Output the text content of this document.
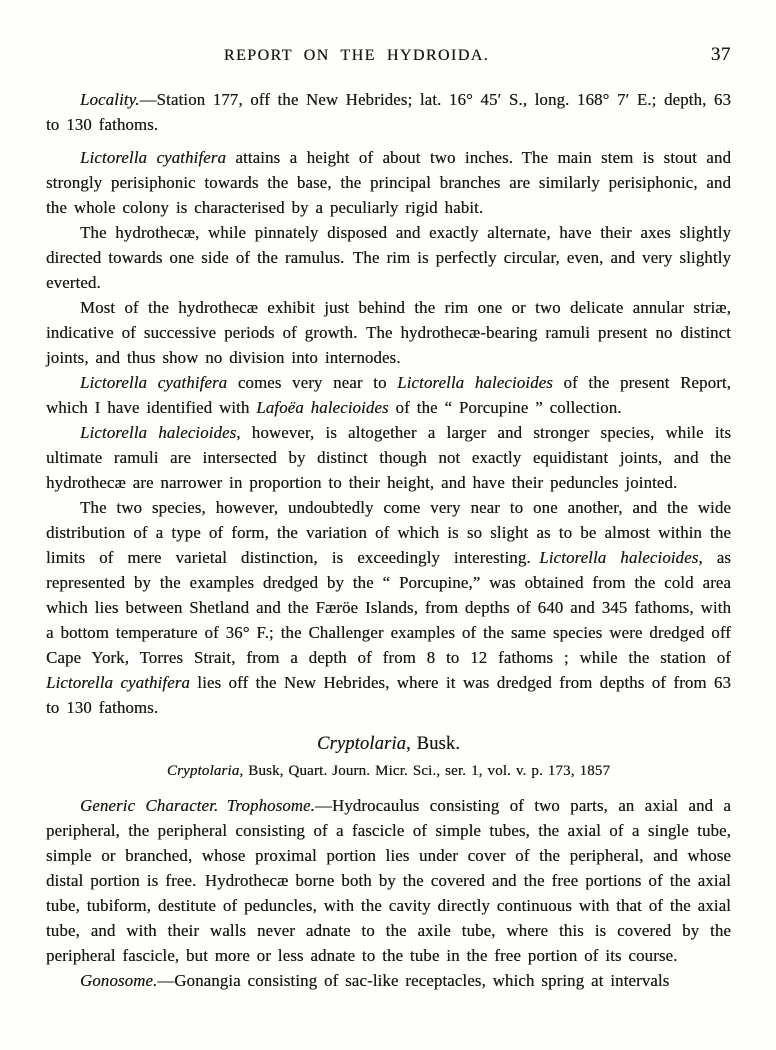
REPORT ON THE HYDROIDA.	37

Locality.—Station 177, off the New Hebrides; lat. 16° 45′ S., long. 168° 7′ E.; depth, 63 to 130 fathoms.

Lictorella cyathifera attains a height of about two inches. The main stem is stout and strongly perisiphonic towards the base, the principal branches are similarly perisiphonic, and the whole colony is characterised by a peculiarly rigid habit.

The hydrothecæ, while pinnately disposed and exactly alternate, have their axes slightly directed towards one side of the ramulus. The rim is perfectly circular, even, and very slightly everted.

Most of the hydrothecæ exhibit just behind the rim one or two delicate annular striæ, indicative of successive periods of growth. The hydrothecæ-bearing ramuli present no distinct joints, and thus show no division into internodes.

Lictorella cyathifera comes very near to Lictorella halecioides of the present Report, which I have identified with Lafoëa halecioides of the “ Porcupine ” collection.

Lictorella halecioides, however, is altogether a larger and stronger species, while its ultimate ramuli are intersected by distinct though not exactly equidistant joints, and the hydrothecæ are narrower in proportion to their height, and have their peduncles jointed.

The two species, however, undoubtedly come very near to one another, and the wide distribution of a type of form, the variation of which is so slight as to be almost within the limits of mere varietal distinction, is exceedingly interesting. Lictorella halecioides, as represented by the examples dredged by the “ Porcupine,” was obtained from the cold area which lies between Shetland and the Færöe Islands, from depths of 640 and 345 fathoms, with a bottom temperature of 36° F.; the Challenger examples of the same species were dredged off Cape York, Torres Strait, from a depth of from 8 to 12 fathoms ; while the station of Lictorella cyathifera lies off the New Hebrides, where it was dredged from depths of from 63 to 130 fathoms.

Cryptolaria, Busk.

Cryptolaria, Busk, Quart. Journ. Micr. Sci., ser. 1, vol. v. p. 173, 1857

Generic Character. Trophosome.—Hydrocaulus consisting of two parts, an axial and a peripheral, the peripheral consisting of a fascicle of simple tubes, the axial of a single tube, simple or branched, whose proximal portion lies under cover of the peripheral, and whose distal portion is free. Hydrothecæ borne both by the covered and the free portions of the axial tube, tubiform, destitute of peduncles, with the cavity directly continuous with that of the axial tube, and with their walls never adnate to the axile tube, where this is covered by the peripheral fascicle, but more or less adnate to the tube in the free portion of its course.

Gonosome.—Gonangia consisting of sac-like receptacles, which spring at intervals
